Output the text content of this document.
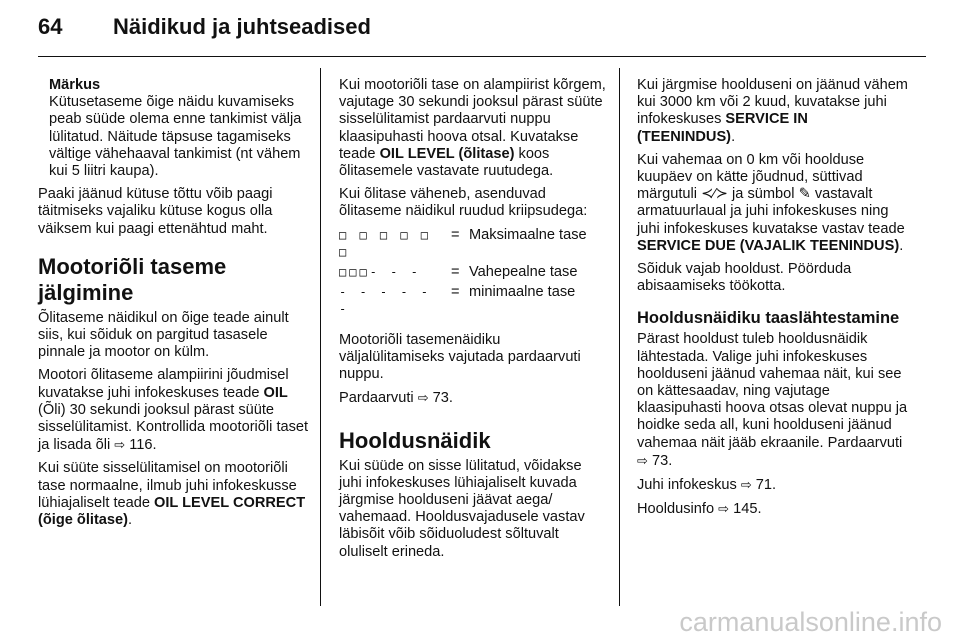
64 Näidikud ja juhtseadised
Märkus

Kütusetaseme õige näidu kuvamiseks peab süüde olema enne tankimist välja lülitatud. Näitude täpsuse tagamiseks vältige vähehaaval tankimist (nt vähem kui 5 liitri kaupa).

Paaki jäänud kütuse tõttu võib paagi täitmiseks vajaliku kütuse kogus olla väiksem kui paagi ettenähtud maht.

Mootoriõli taseme jälgimine

Õlitaseme näidikul on õige teade ainult siis, kui sõiduk on pargitud tasasele pinnale ja mootor on külm.

Mootori õlitaseme alampiirini jõudmisel kuvatakse juhi infokeskuses teade OIL (Õli) 30 sekundi jooksul pärast süüte sisselülitamist. Kontrollida mootoriõli taset ja lisada õli ⇨ 116.

Kui süüte sisselülitamisel on mootoriõli tase normaalne, ilmub juhi infokeskusse lühiajaliselt teade OIL LEVEL CORRECT (õige õlitase).

Kui mootoriõli tase on alampiirist kõrgem, vajutage 30 sekundi jooksul pärast süüte sisselülitamist pardaarvuti nuppu klaasipuhasti hoova otsal. Kuvatakse teade OIL LEVEL (õlitase) koos õlitasemele vastavate ruutudega.

Kui õlitase väheneb, asenduvad õlitaseme näidikul ruudud kriipsudega:

□ □ □ □ □ □
= Maksimaalne tase
□□□- - -	= Vahepealne tase
- - - - - -
= minimaalne tase

Mootoriõli tasemenäidiku väljalülitamiseks vajutada pardaarvuti nuppu.

Pardaarvuti ⇨ 73.

Hooldusnäidik

Kui süüde on sisse lülitatud, võidakse juhi infokeskuses lühiajaliselt kuvada järgmise hoolduseni jäävat aega/ vahemaad. Hooldusvajadusele vastav läbisõit võib sõiduoludest sõltuvalt oluliselt erineda.

Kui järgmise hoolduseni on jäänud vähem kui 3000 km või 2 kuud, kuvatakse juhi infokeskuses SERVICE IN (TEENINDUS).

Kui vahemaa on 0 km või hoolduse kuupäev on kätte jõudnud, süttivad märgutuli ≺∕≻ ja sümbol ✎ vastavalt armatuurlaual ja juhi infokeskuses ning juhi infokeskuses kuvatakse vastav teade SERVICE DUE (VAJALIK TEENINDUS).

Sõiduk vajab hooldust. Pöörduda abisaamiseks töökotta.

Hooldusnäidiku taaslähtestamine

Pärast hooldust tuleb hooldusnäidik lähtestada. Valige juhi infokeskuses hoolduseni jäänud vahemaa näit, kui see on kättesaadav, ning vajutage klaasipuhasti hoova otsas olevat nuppu ja hoidke seda all, kuni hoolduseni jäänud vahemaa näit jääb ekraanile. Pardaarvuti ⇨ 73.

Juhi infokeskus ⇨ 71.

Hooldusinfo ⇨ 145.

carmanualsonline.info
